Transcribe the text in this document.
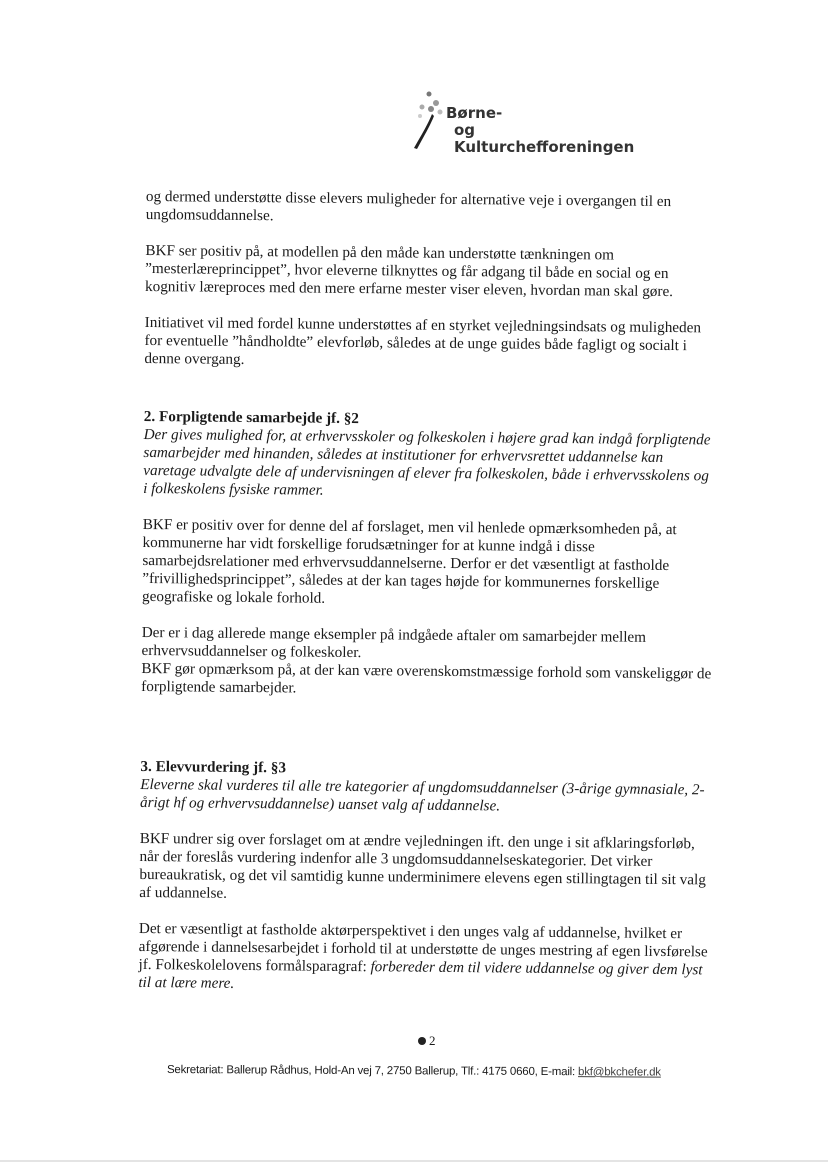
Børne-
og Kulturchefforeningen

og dermed understøtte disse elevers muligheder for alternative veje i overgangen til en ungdomsuddannelse.

BKF ser positiv på, at modellen på den måde kan understøtte tænkningen om ”mesterlæreprincippet”, hvor eleverne tilknyttes og får adgang til både en social og en kognitiv læreproces med den mere erfarne mester viser eleven, hvordan man skal gøre.

Initiativet vil med fordel kunne understøttes af en styrket vejledningsindsats og muligheden for eventuelle ”håndholdte” elevforløb, således at de unge guides både fagligt og socialt i denne overgang.

2. Forpligtende samarbejde jf. §2

Der gives mulighed for, at erhvervsskoler og folkeskolen i højere grad kan indgå forpligtende samarbejder med hinanden, således at institutioner for erhvervsrettet uddannelse kan varetage udvalgte dele af undervisningen af elever fra folkeskolen, både i erhvervsskolens og i folkeskolens fysiske rammer.

BKF er positiv over for denne del af forslaget, men vil henlede opmærksomheden på, at kommunerne har vidt forskellige forudsætninger for at kunne indgå i disse samarbejdsrelationer med erhvervsuddannelserne. Derfor er det væsentligt at fastholde ”frivillighedsprincippet”, således at der kan tages højde for kommunernes forskellige geografiske og lokale forhold.

Der er i dag allerede mange eksempler på indgåede aftaler om samarbejder mellem erhvervsuddannelser og folkeskoler.

BKF gør opmærksom på, at der kan være overenskomstmæssige forhold som vanskeliggør de forpligtende samarbejder.

3. Elevvurdering jf. §3

Eleverne skal vurderes til alle tre kategorier af ungdomsuddannelser (3-årige gymnasiale, 2-årigt hf og erhvervsuddannelse) uanset valg af uddannelse.

BKF undrer sig over forslaget om at ændre vejledningen ift. den unge i sit afklaringsforløb, når der foreslås vurdering indenfor alle 3 ungdomsuddannelseskategorier. Det virker bureaukratisk, og det vil samtidig kunne underminimere elevens egen stillingtagen til sit valg af uddannelse.

Det er væsentligt at fastholde aktørperspektivet i den unges valg af uddannelse, hvilket er afgørende i dannelsesarbejdet i forhold til at understøtte de unges mestring af egen livsførelse jf. Folkeskolelovens formålsparagraf: forbereder dem til videre uddannelse og giver dem lyst til at lære mere.

2
Sekretariat: Ballerup Rådhus, Hold-An vej 7, 2750 Ballerup, Tlf.: 4175 0660, E-mail: bkf@bkchefer.dk
